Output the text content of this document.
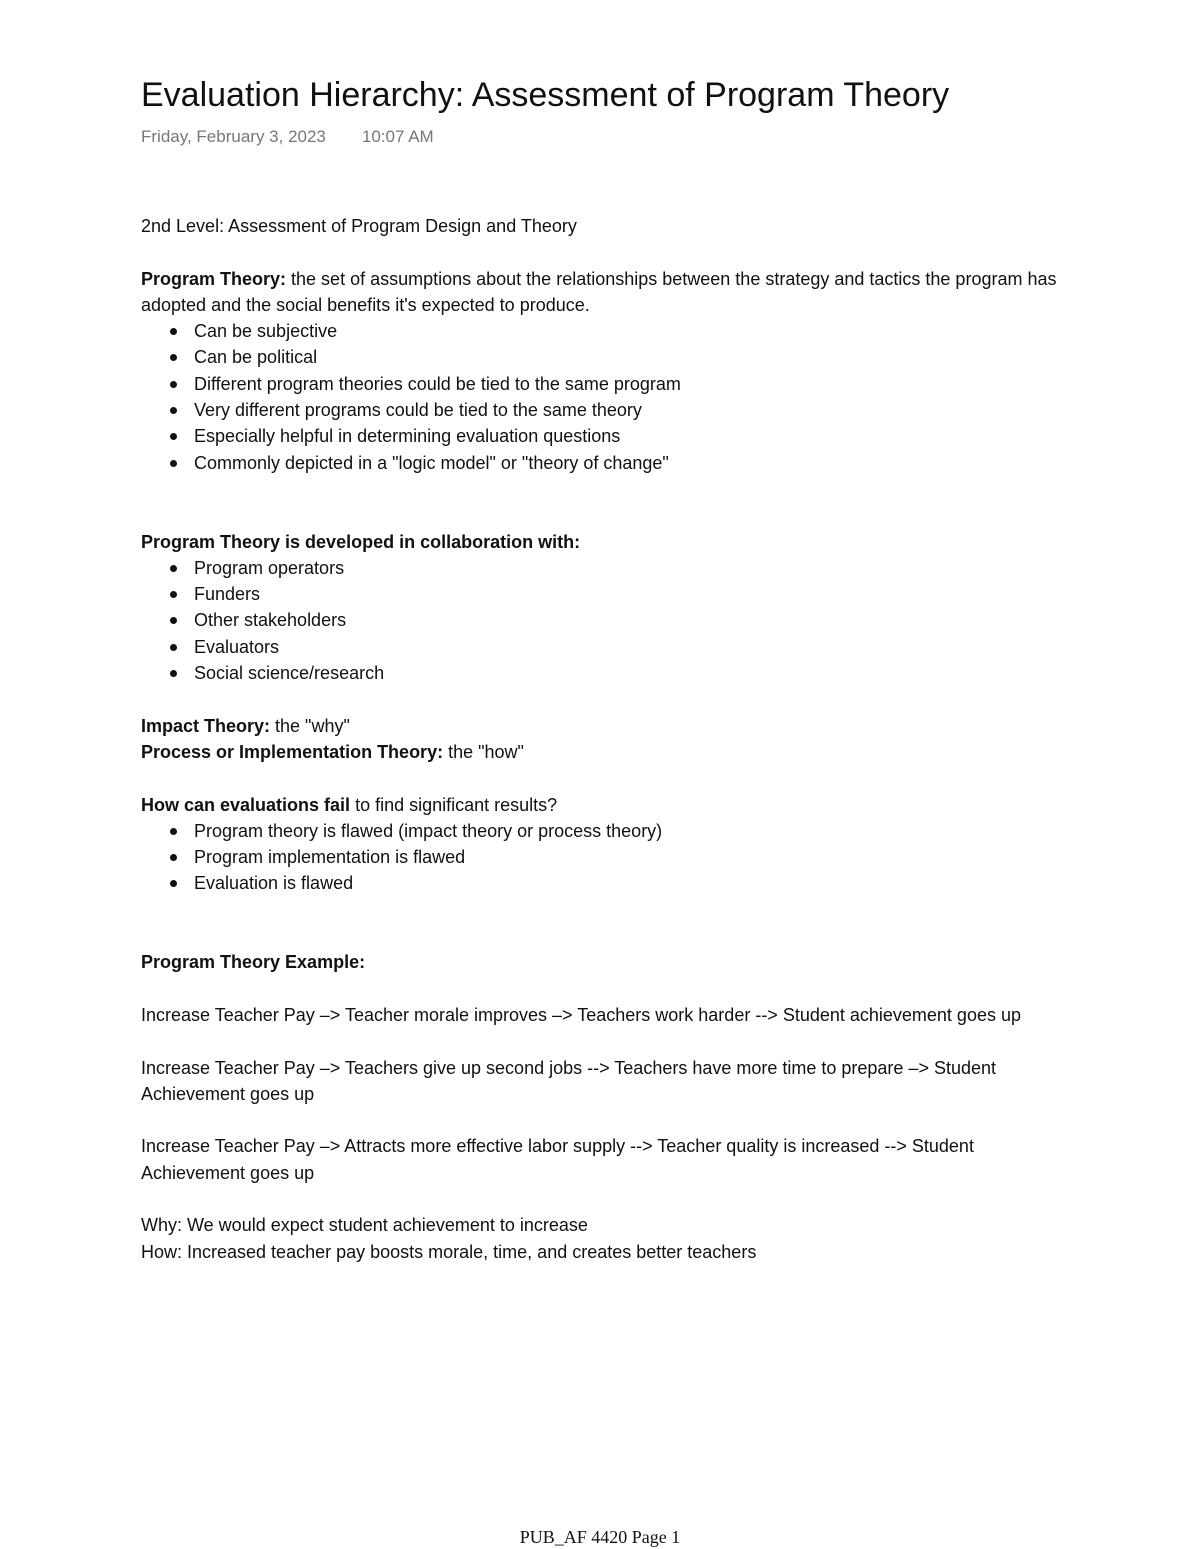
Evaluation Hierarchy: Assessment of Program Theory
Friday, February 3, 2023 10:07 AM

2nd Level: Assessment of Program Design and Theory

Program Theory: the set of assumptions about the relationships between the strategy and tactics the program has adopted and the social benefits it's expected to produce.

Can be subjective
Can be political
Different program theories could be tied to the same program
Very different programs could be tied to the same theory
Especially helpful in determining evaluation questions
Commonly depicted in a "logic model" or "theory of change"

Program Theory is developed in collaboration with:

Program operators
Funders
Other stakeholders
Evaluators
Social science/research

Impact Theory: the "why"

Process or Implementation Theory: the "how"

How can evaluations fail to find significant results?

Program theory is flawed (impact theory or process theory)
Program implementation is flawed
Evaluation is flawed

Program Theory Example:

Increase Teacher Pay –> Teacher morale improves –> Teachers work harder --> Student achievement goes up

Increase Teacher Pay –> Teachers give up second jobs --> Teachers have more time to prepare –> Student Achievement goes up

Increase Teacher Pay –> Attracts more effective labor supply --> Teacher quality is increased --> Student Achievement goes up

Why: We would expect student achievement to increase

How: Increased teacher pay boosts morale, time, and creates better teachers

PUB_AF 4420 Page 1
